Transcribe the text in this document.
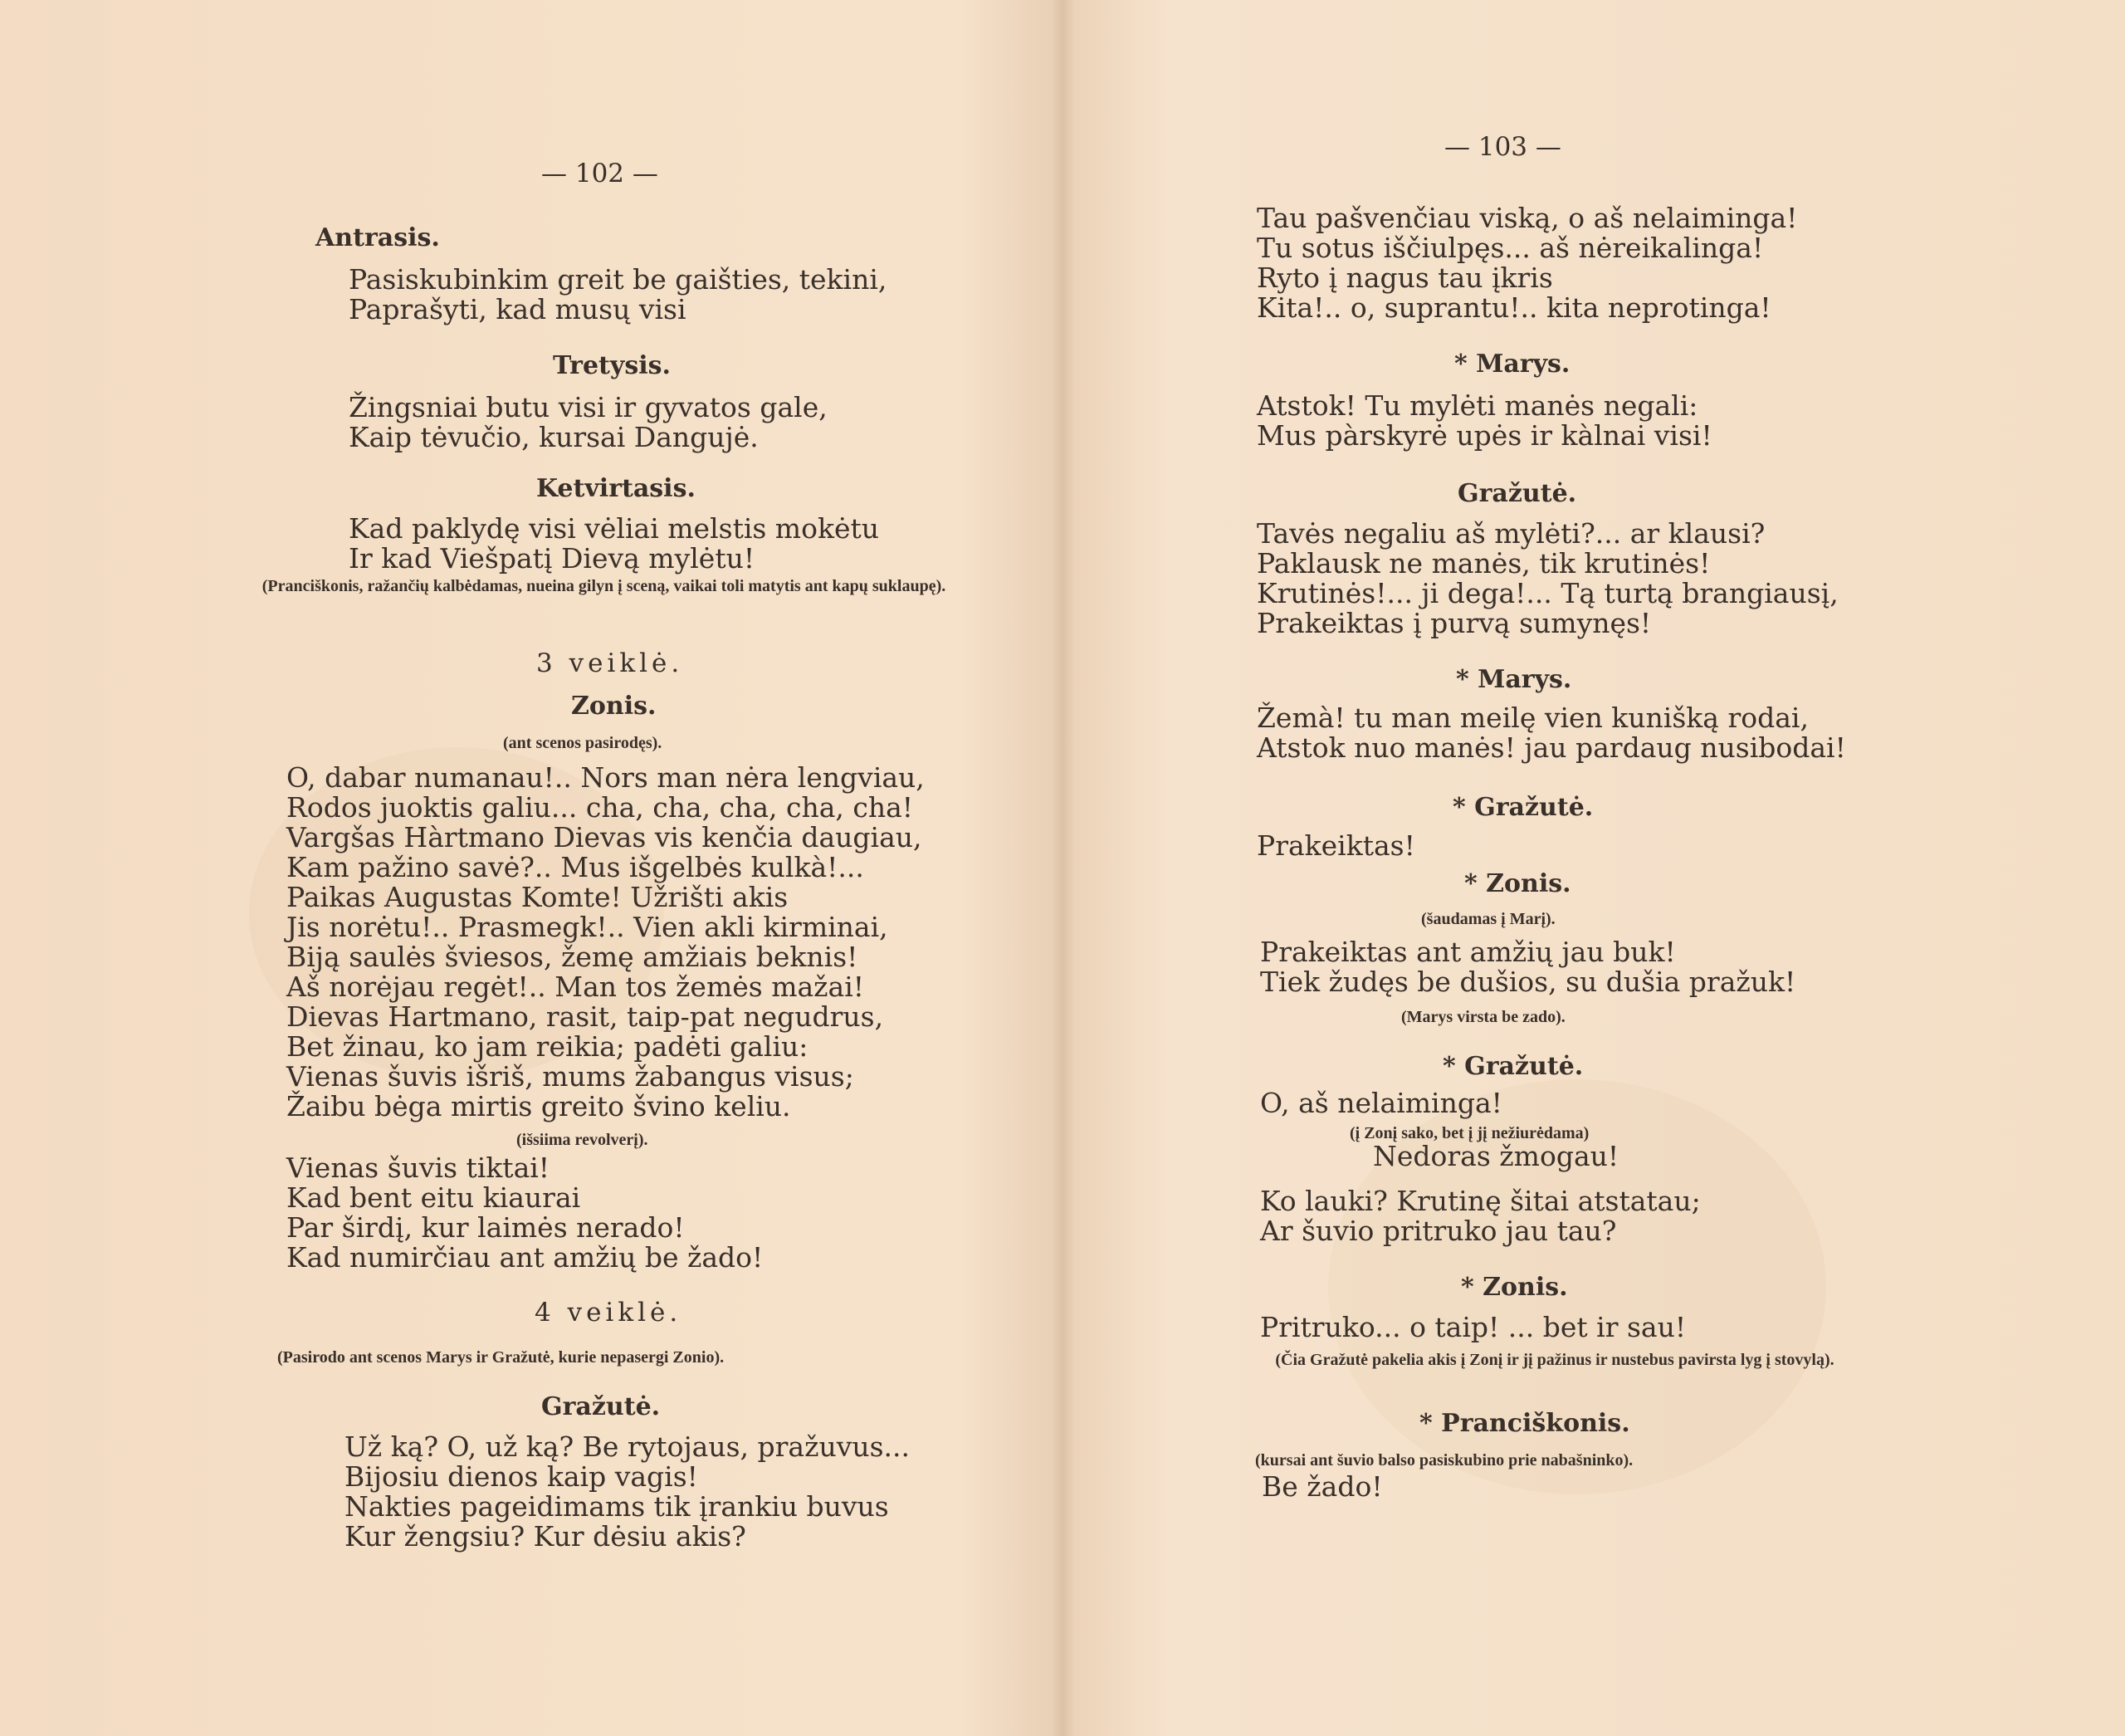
— 102 —
Antrasis.
Pasiskubinkim greit be gaišties, tekini,
Paprašyti, kad musų visi
Tretysis.
Žingsniai butu visi ir gyvatos gale,
Kaip tėvučio, kursai Dangujė.
Ketvirtasis.
Kad paklydę visi vėliai melstis mokėtu
Ir kad Viešpatį Dievą mylėtu!
(Pranciškonis, ražančių kalbėdamas, nueina gilyn į sceną, vaikai toli matytis ant kapų suklaupę).
3 veiklė.
Zonis.
(ant scenos pasirodęs).
O, dabar numanau!.. Nors man nėra lengviau,
Rodos juoktis galiu... cha, cha, cha, cha, cha!
Vargšas Hàrtmano Dievas vis kenčia daugiau,
Kam pažino savė?.. Mus išgelbės kulkà!...
Paikas Augustas Komte! Užrišti akis
Jis norėtu!.. Prasmegk!.. Vien akli kirminai,
Biją saulės šviesos, žemę amžiais beknis!
Aš norėjau regėt!.. Man tos žemės mažai!
Dievas Hartmano, rasit, taip-pat negudrus,
Bet žinau, ko jam reikia; padėti galiu:
Vienas šuvis išriš, mums žabangus visus;
Žaibu bėga mirtis greito švino keliu.
(išsiima revolverį).
Vienas šuvis tiktai!
Kad bent eitu kiaurai
Par širdį, kur laimės nerado!
Kad numirčiau ant amžių be žado!
4 veiklė.
(Pasirodo ant scenos Marys ir Gražutė, kurie nepasergi Zonio).
Gražutė.
Už ką? O, už ką? Be rytojaus, pražuvus...
Bijosiu dienos kaip vagis!
Nakties pageidimams tik įrankiu buvus
Kur žengsiu? Kur dėsiu akis?
— 103 —
Tau pašvenčiau viską, o aš nelaiminga!
Tu sotus iščiulpęs... aš nėreikalinga!
Ryto į nagus tau įkris
Kita!.. o, suprantu!.. kita neprotinga!
* Marys.
Atstok! Tu mylėti manės negali:
Mus pàrskyrė upės ir kàlnai visi!
Gražutė.
Tavės negaliu aš mylėti?... ar klausi?
Paklausk ne manės, tik krutinės!
Krutinės!... ji dega!... Tą turtą brangiausį,
Prakeiktas į purvą sumynęs!
* Marys.
Žemà! tu man meilę vien kunišką rodai,
Atstok nuo manės! jau pardaug nusibodai!
* Gražutė.
Prakeiktas!
* Zonis.
(šaudamas į Marį).
Prakeiktas ant amžių jau buk!
Tiek žudęs be dušios, su dušia pražuk!
(Marys virsta be zado).
* Gražutė.
O, aš nelaiminga!
(į Zonį sako, bet į jį nežiurėdama)
Nedoras žmogau!
Ko lauki? Krutinę šitai atstatau;
Ar šuvio pritruko jau tau?
* Zonis.
Pritruko... o taip! ... bet ir sau!
(Čia Gražutė pakelia akis į Zonį ir jį pažinus ir nustebus pavirsta lyg į stovylą).
* Pranciškonis.
(kursai ant šuvio balso pasiskubino prie nabašninko).
Be žado!
